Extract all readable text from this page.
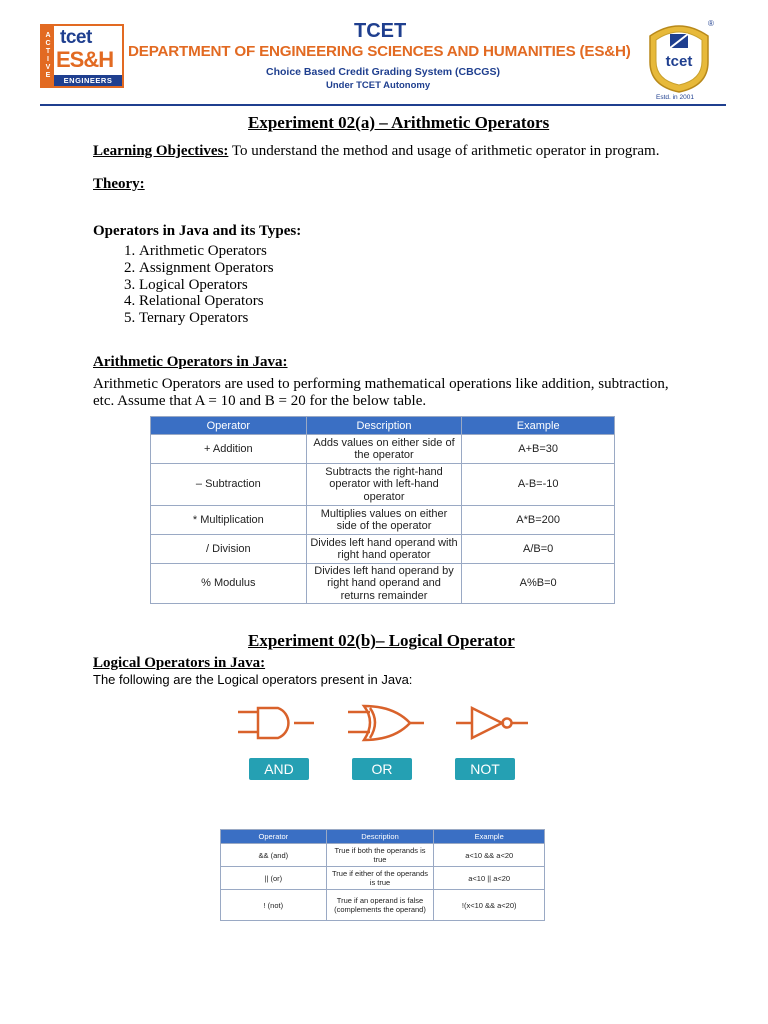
A
C
T
I
V
E
tcet
ES&H
ENGINEERS
TCET
DEPARTMENT OF ENGINEERING SCIENCES AND HUMANITIES (ES&H)
Choice Based Credit Grading System (CBCGS)
Under TCET Autonomy
tcet
®
Estd. in 2001
Experiment 02(a) – Arithmetic Operators
Learning Objectives: To understand the method and usage of arithmetic operator in program.
Theory:
Operators in Java and its Types:
1. Arithmetic Operators
2. Assignment Operators
3. Logical Operators
4. Relational Operators
5. Ternary Operators
Arithmetic Operators in Java:
Arithmetic Operators are used to performing mathematical operations like addition, subtraction,
etc. Assume that A = 10 and B = 20 for the below table.
Operator	Description	Example
+ Addition	Adds values on either side of the operator	A+B=30
– Subtraction	Subtracts the right-hand operator with left-hand operator	A-B=-10
* Multiplication	Multiplies values on either side of the operator	A*B=200
/ Division	Divides left hand operand with right hand operator	A/B=0
% Modulus	Divides left hand operand by right hand operand and returns remainder	A%B=0
Experiment 02(b)– Logical Operator
Logical Operators in Java:
The following are the Logical operators present in Java:
AND	OR	NOT
Operator	Description	Example
&& (and)	True if both the operands is true	a<10 && a<20
|| (or)	True if either of the operands is true	a<10 || a<20
! (not)	True if an operand is false (complements the operand)	!(x<10 && a<20)
